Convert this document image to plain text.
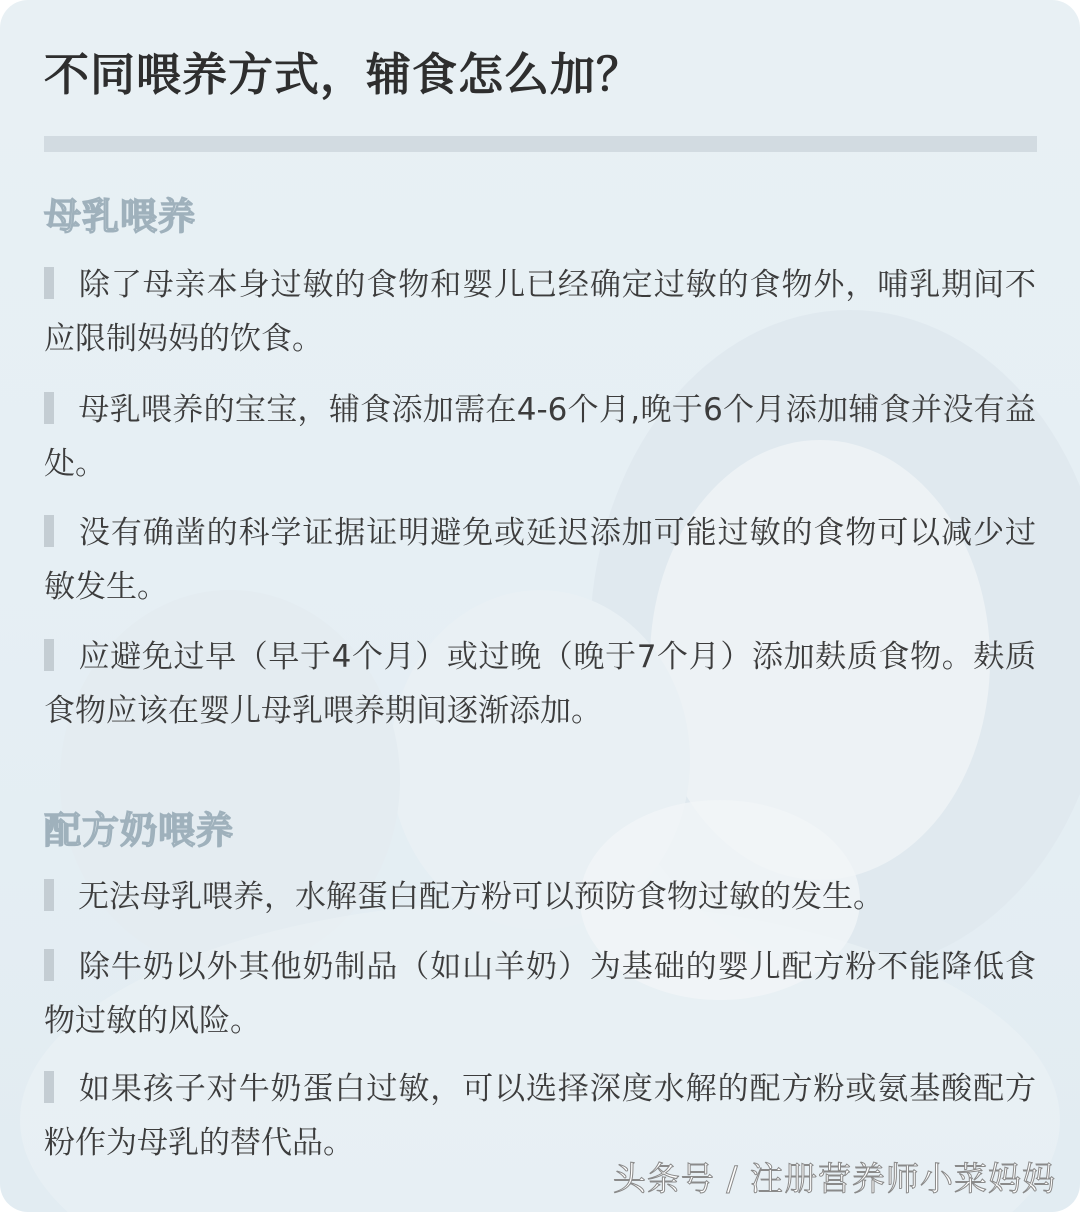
不同喂养方式，辅食怎么加？
母乳喂养

除了母亲本身过敏的食物和婴儿已经确定过敏的食物外，哺乳期间不应限制妈妈的饮食。

母乳喂养的宝宝，辅食添加需在4-6个月,晚于6个月添加辅食并没有益处。

没有确凿的科学证据证明避免或延迟添加可能过敏的食物可以减少过敏发生。

应避免过早（早于4个月）或过晚（晚于7个月）添加麸质食物。麸质食物应该在婴儿母乳喂养期间逐渐添加。

配方奶喂养

无法母乳喂养，水解蛋白配方粉可以预防食物过敏的发生。

除牛奶以外其他奶制品（如山羊奶）为基础的婴儿配方粉不能降低食物过敏的风险。

如果孩子对牛奶蛋白过敏，可以选择深度水解的配方粉或氨基酸配方粉作为母乳的替代品。

头条号 / 注册营养师小菜妈妈
